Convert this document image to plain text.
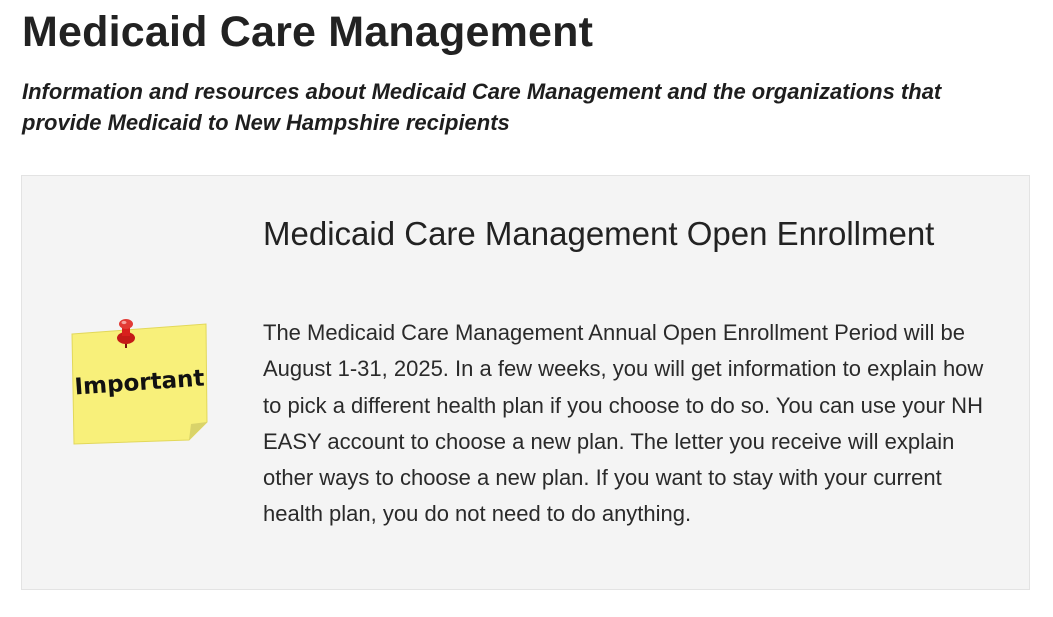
Medicaid Care Management

Information and resources about Medicaid Care Management and the organizations that provide Medicaid to New Hampshire recipients

Important
Medicaid Care Management Open Enrollment

The Medicaid Care Management Annual Open Enrollment Period will be August 1-31, 2025. In a few weeks, you will get information to explain how to pick a different health plan if you choose to do so. You can use your NH EASY account to choose a new plan. The letter you receive will explain other ways to choose a new plan. If you want to stay with your current health plan, you do not need to do anything.
